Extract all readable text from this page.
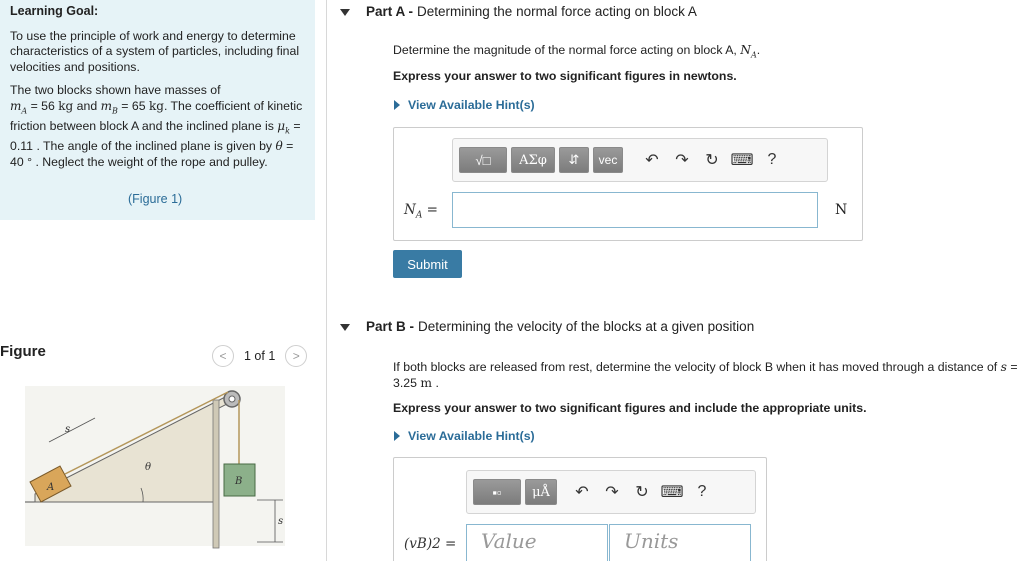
Learning Goal:

To use the principle of work and energy to determine characteristics of a system of particles, including final velocities and positions.

The two blocks shown have masses of
$m_A = 56$ kg and $m_B = 65$ kg. The coefficient of kinetic friction between block A and the inclined plane is $\mu_k = 0.11$ . The angle of the inclined plane is given by θ = 40 ° . Neglect the weight of the rope and pulley.

(Figure 1)
Figure	<	1 of 1	>
A
B
s
θ
s
Part A - Determining the normal force acting on block A
Determine the magnitude of the normal force acting on block A, $N_A$.
Express your answer to two significant figures in newtons.
View Available Hint(s)
√□	ΑΣφ	⇵	vec	↶	↷	↻ ⌨ ?
$N_A$ =	N
Submit
Part B - Determining the velocity of the blocks at a given position
If both blocks are released from rest, determine the velocity of block B when it has moved through a distance of s = 3.25 m .
Express your answer to two significant figures and include the appropriate units.
View Available Hint(s)
▪▫	μÅ	↶	↷	↻ ⌨ ?
(vB)2 =	Value	Units
